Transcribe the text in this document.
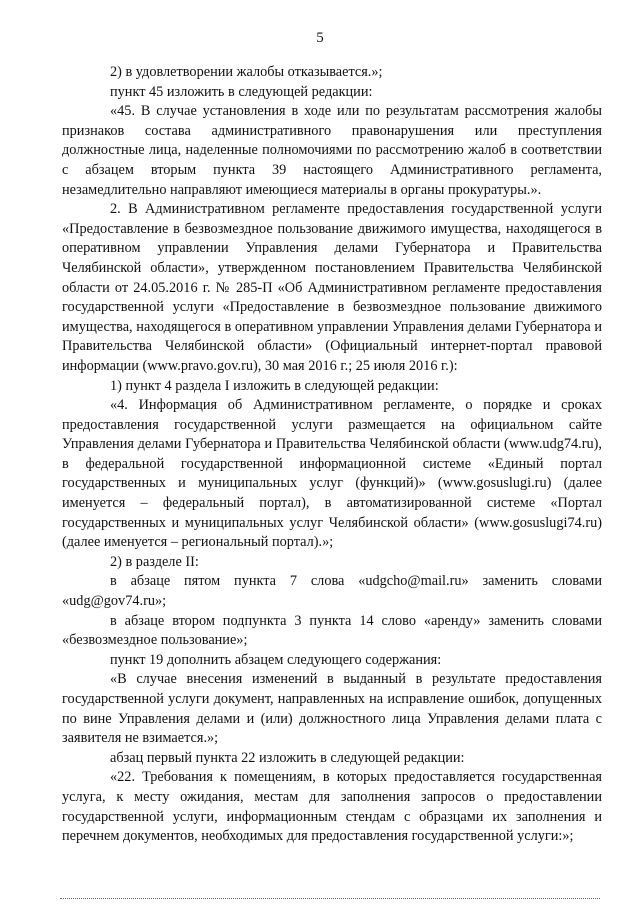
5

2) в удовлетворении жалобы отказывается.»;

пункт 45 изложить в следующей редакции:

«45. В случае установления в ходе или по результатам рассмотрения жалобы признаков состава административного правонарушения или преступления должностные лица, наделенные полномочиями по рассмотрению жалоб в соответствии с абзацем вторым пункта 39 настоящего Административного регламента, незамедлительно направляют имеющиеся материалы в органы прокуратуры.».

2. В Административном регламенте предоставления государственной услуги «Предоставление в безвозмездное пользование движимого имущества, находящегося в оперативном управлении Управления делами Губернатора и Правительства Челябинской области», утвержденном постановлением Правительства Челябинской области от 24.05.2016 г. № 285-П «Об Административном регламенте предоставления государственной услуги «Предоставление в безвозмездное пользование движимого имущества, находящегося в оперативном управлении Управления делами Губернатора и Правительства Челябинской области» (Официальный интернет-портал правовой информации (www.pravo.gov.ru), 30 мая 2016 г.; 25 июля 2016 г.):

1) пункт 4 раздела I изложить в следующей редакции:

«4. Информация об Административном регламенте, о порядке и сроках предоставления государственной услуги размещается на официальном сайте Управления делами Губернатора и Правительства Челябинской области (www.udg74.ru), в федеральной государственной информационной системе «Единый портал государственных и муниципальных услуг (функций)» (www.gosuslugi.ru) (далее именуется – федеральный портал), в автоматизированной системе «Портал государственных и муниципальных услуг Челябинской области» (www.gosuslugi74.ru) (далее именуется – региональный портал).»;

2) в разделе II:

в абзаце пятом пункта 7 слова «udgcho@mail.ru» заменить словами «udg@gov74.ru»;

в абзаце втором подпункта 3 пункта 14 слово «аренду» заменить словами «безвозмездное пользование»;

пункт 19 дополнить абзацем следующего содержания:

«В случае внесения изменений в выданный в результате предоставления государственной услуги документ, направленных на исправление ошибок, допущенных по вине Управления делами и (или) должностного лица Управления делами плата с заявителя не взимается.»;

абзац первый пункта 22 изложить в следующей редакции:

«22. Требования к помещениям, в которых предоставляется государственная услуга, к месту ожидания, местам для заполнения запросов о предоставлении государственной услуги, информационным стендам с образцами их заполнения и перечнем документов, необходимых для предоставления государственной услуги:»;
